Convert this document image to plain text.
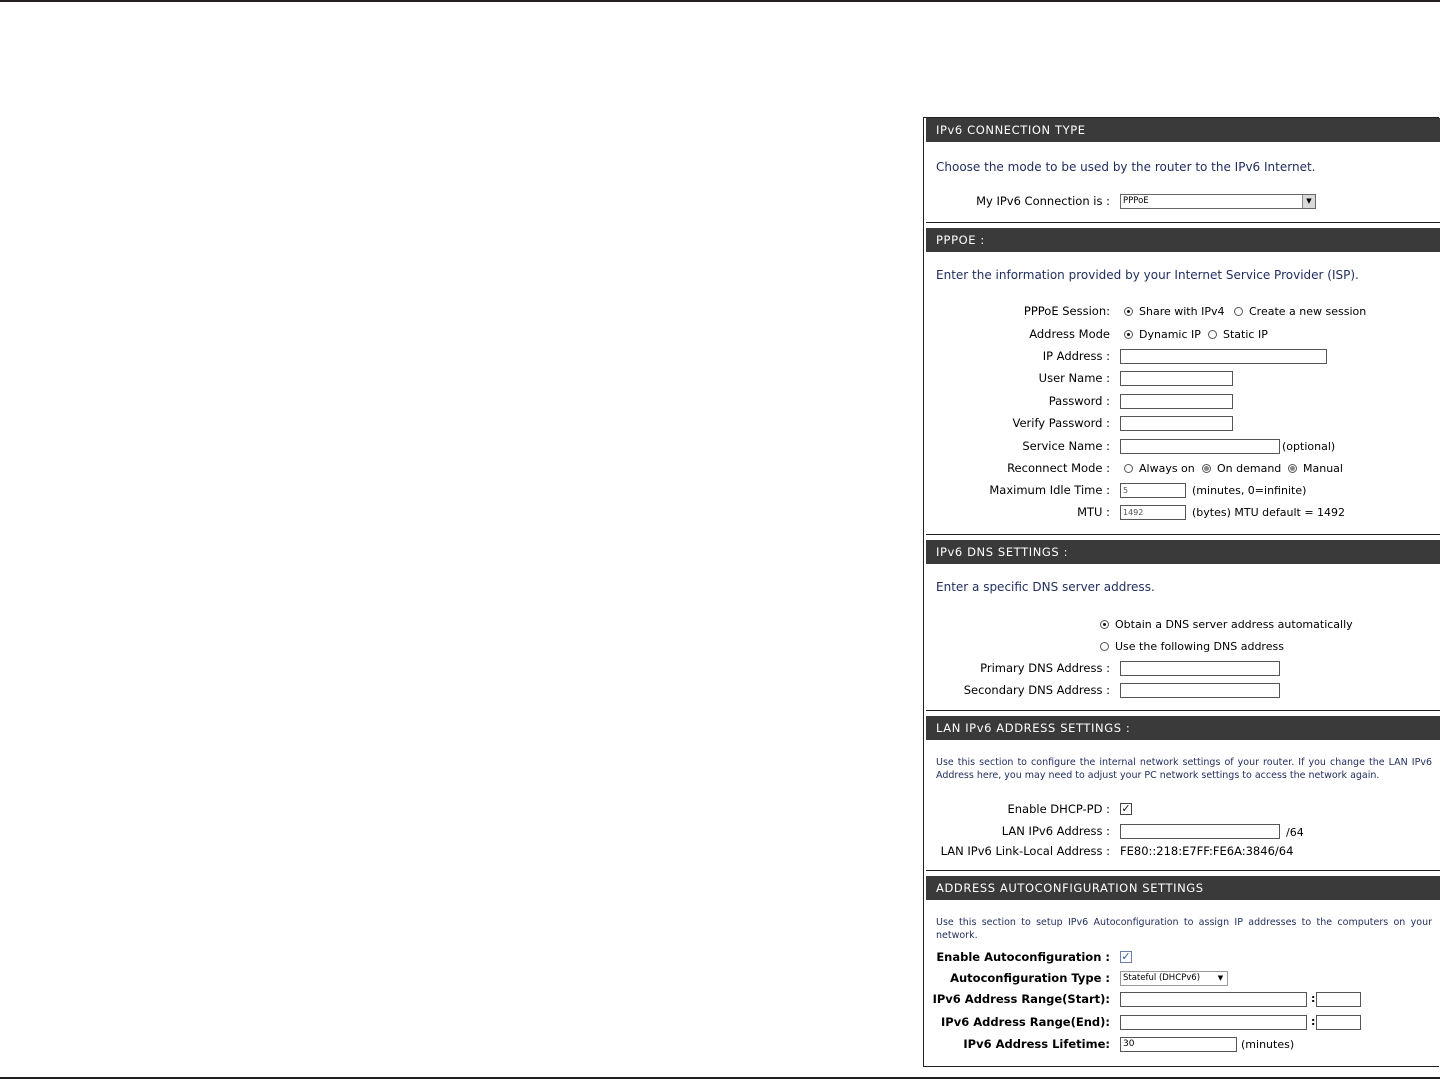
IPv6 CONNECTION TYPE
Choose the mode to be used by the router to the IPv6 Internet.
My IPv6 Connection is :	PPPoE	▼
PPPOE :
Enter the information provided by your Internet Service Provider (ISP).
PPPoE Session:	Share with IPv4	Create a new session
Address Mode	Dynamic IP	Static IP
IP Address :
User Name :
Password :
Verify Password :
Service Name :	(optional)
Reconnect Mode :	Always on	On demand	Manual
Maximum Idle Time :	5	(minutes, 0=infinite)
MTU :	1492	(bytes) MTU default = 1492
IPv6 DNS SETTINGS :
Enter a specific DNS server address.
Obtain a DNS server address automatically
Use the following DNS address
Primary DNS Address :
Secondary DNS Address :
LAN IPv6 ADDRESS SETTINGS :
Use this section to configure the internal network settings of your router. If you change the LAN IPv6 Address here, you may need to adjust your PC network settings to access the network again.
Enable DHCP-PD : ✓
LAN IPv6 Address :	/64
LAN IPv6 Link-Local Address : FE80::218:E7FF:FE6A:3846/64
ADDRESS AUTOCONFIGURATION SETTINGS
Use this section to setup IPv6 Autoconfiguration to assign IP addresses to the computers on your network.
Enable Autoconfiguration : ✓
Autoconfiguration Type :	Stateful (DHCPv6)	▼
IPv6 Address Range(Start):	:
IPv6 Address Range(End):	:
IPv6 Address Lifetime:	30	(minutes)
